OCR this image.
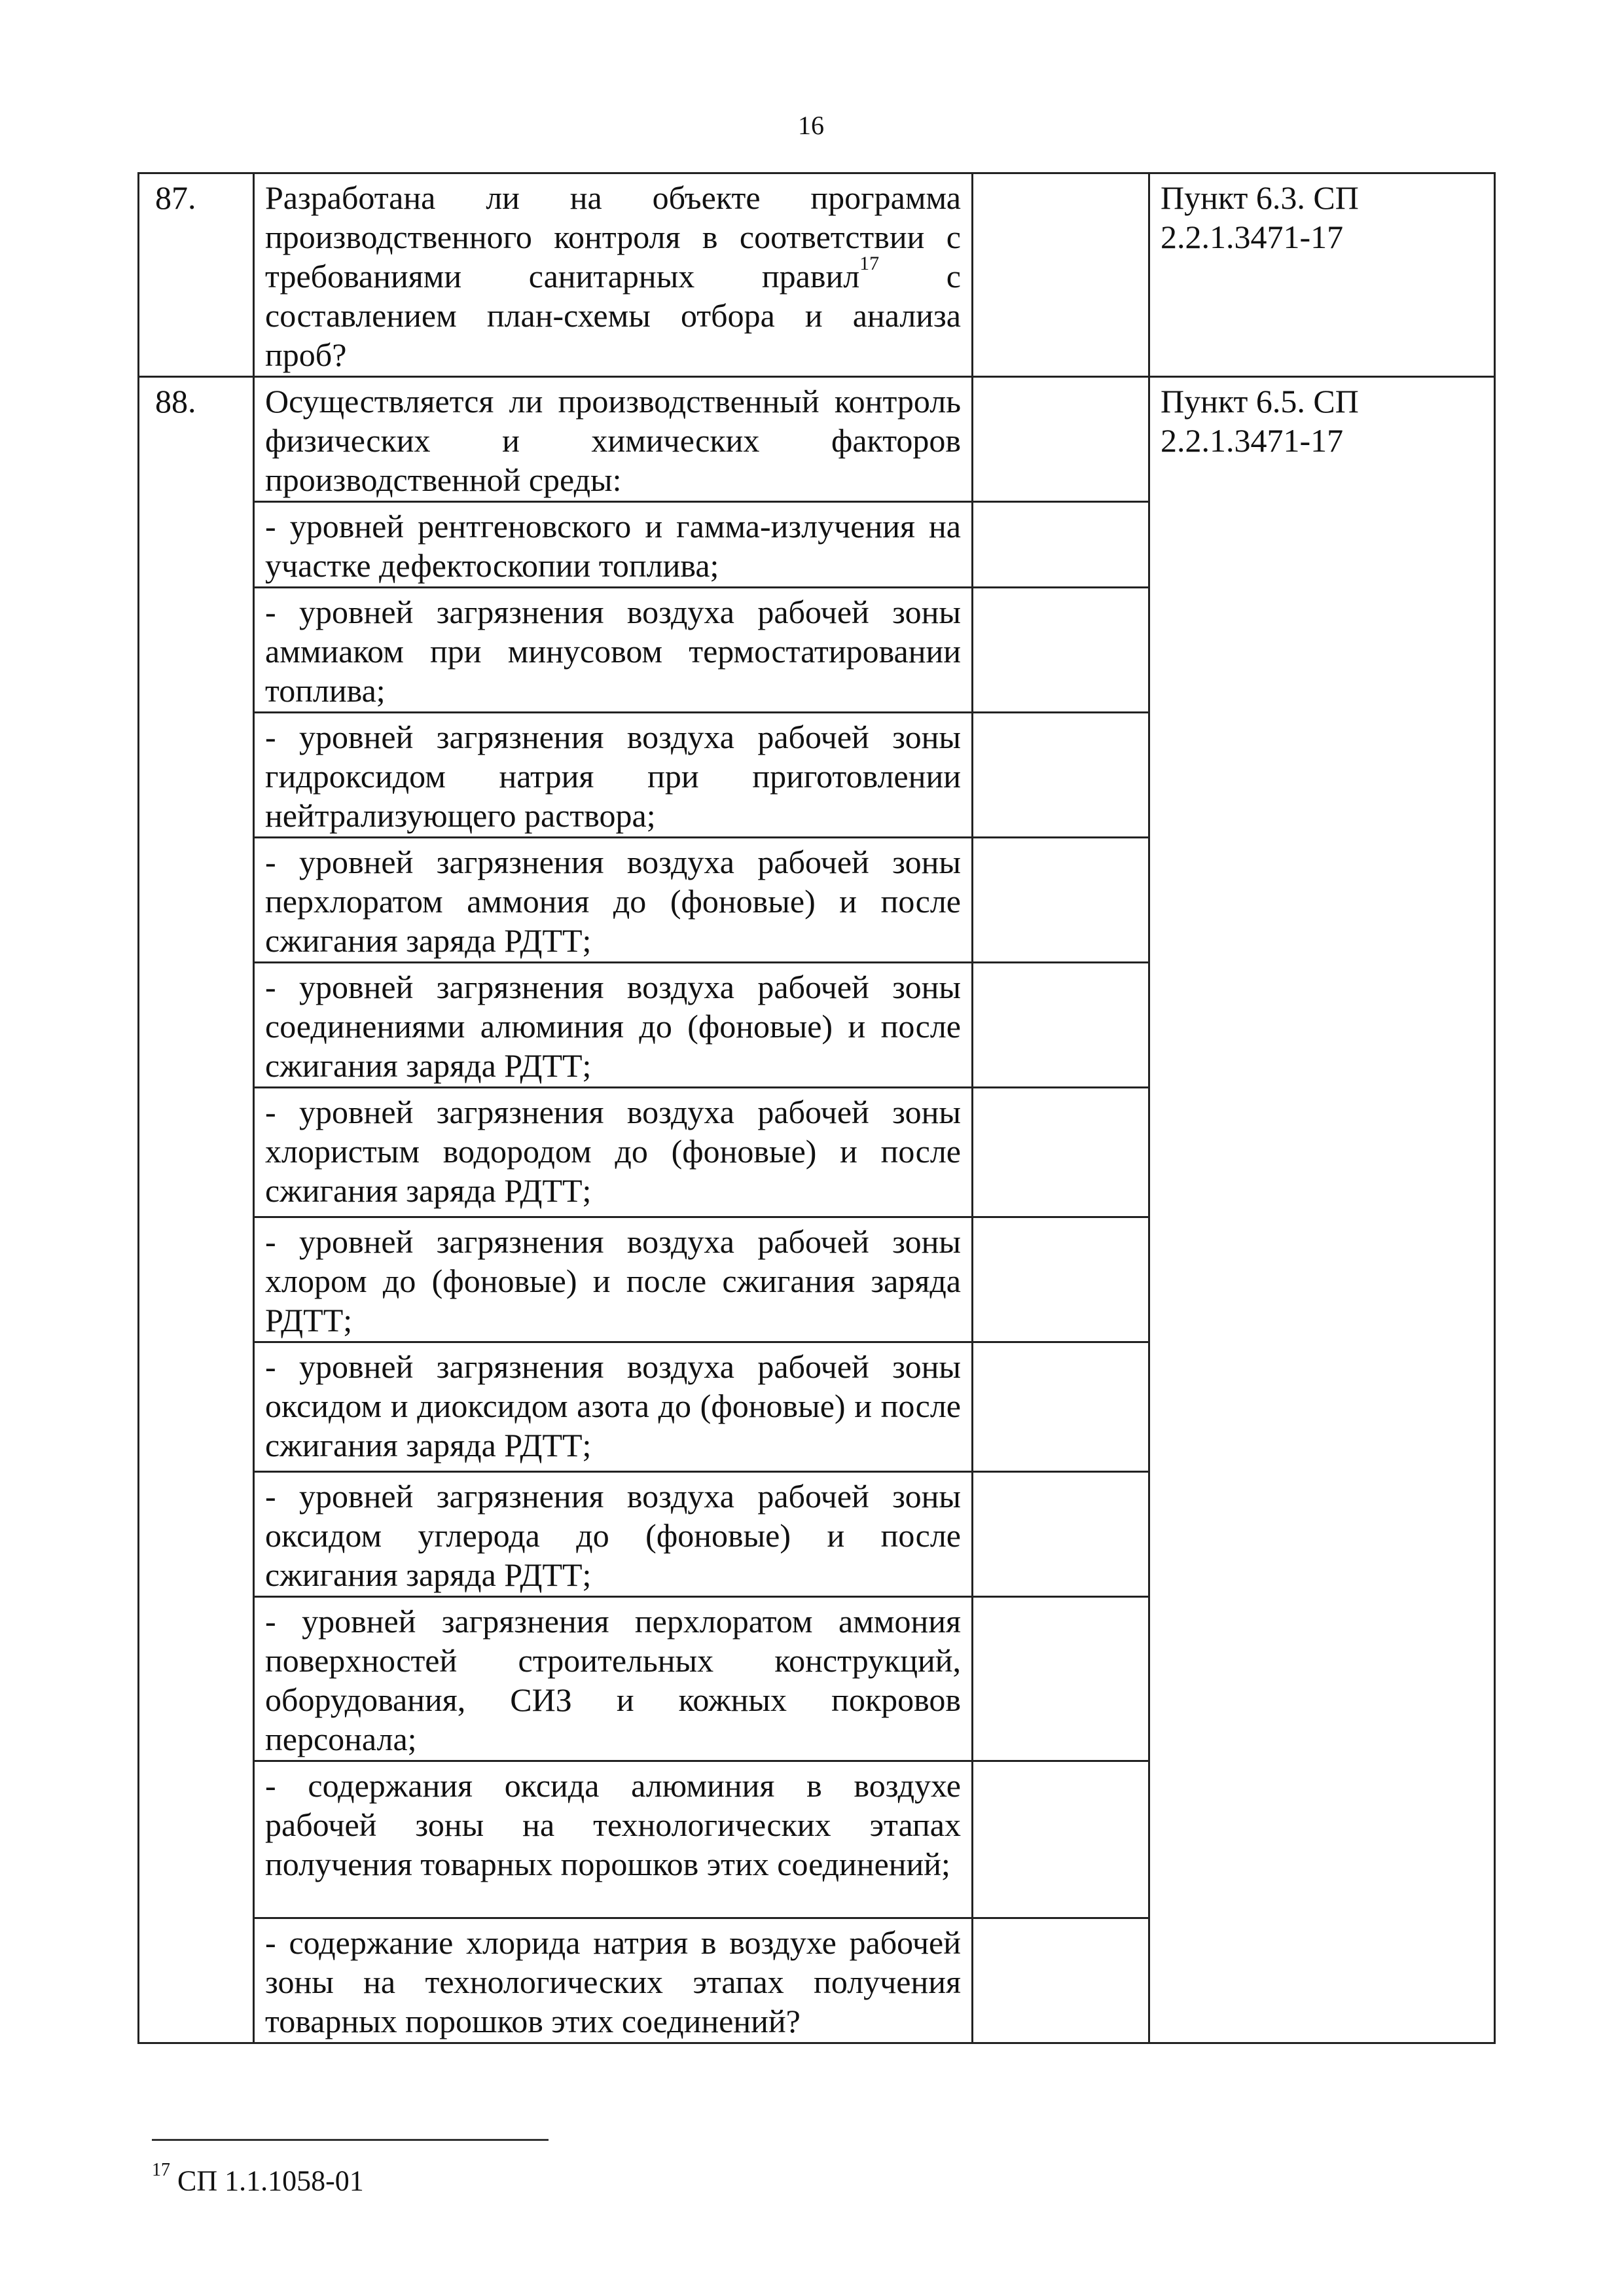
16
87.	Разработана ли на объекте программа производственного контроля в соответствии с требованиями санитарных правил$^{17}$ с составлением план-схемы отбора и анализа проб?		Пункт 6.3. СП 2.2.1.3471-17
88.	Осуществляется ли производственный контроль физических и химических факторов производственной среды:		Пункт 6.5. СП 2.2.1.3471-17
	- уровней рентгеновского и гамма-излучения на участке дефектоскопии топлива;		
	- уровней загрязнения воздуха рабочей зоны аммиаком при минусовом термостатировании топлива;		
	- уровней загрязнения воздуха рабочей зоны гидроксидом натрия при приготовлении нейтрализующего раствора;		
	- уровней загрязнения воздуха рабочей зоны перхлоратом аммония до (фоновые) и после сжигания заряда РДТТ;		
	- уровней загрязнения воздуха рабочей зоны соединениями алюминия до (фоновые) и после сжигания заряда РДТТ;		
	- уровней загрязнения воздуха рабочей зоны хлористым водородом до (фоновые) и после сжигания заряда РДТТ;		
	- уровней загрязнения воздуха рабочей зоны хлором до (фоновые) и после сжигания заряда РДТТ;		
	- уровней загрязнения воздуха рабочей зоны оксидом и диоксидом азота до (фоновые) и после сжигания заряда РДТТ;		
	- уровней загрязнения воздуха рабочей зоны оксидом углерода до (фоновые) и после сжигания заряда РДТТ;		
	- уровней загрязнения перхлоратом аммония поверхностей строительных конструкций, оборудования, СИЗ и кожных покровов персонала;		
	- содержания оксида алюминия в воздухе рабочей зоны на технологических этапах получения товарных порошков этих соединений;		
	- содержание хлорида натрия в воздухе рабочей зоны на технологических этапах получения товарных порошков этих соединений?		
$^{17}$ СП 1.1.1058-01
